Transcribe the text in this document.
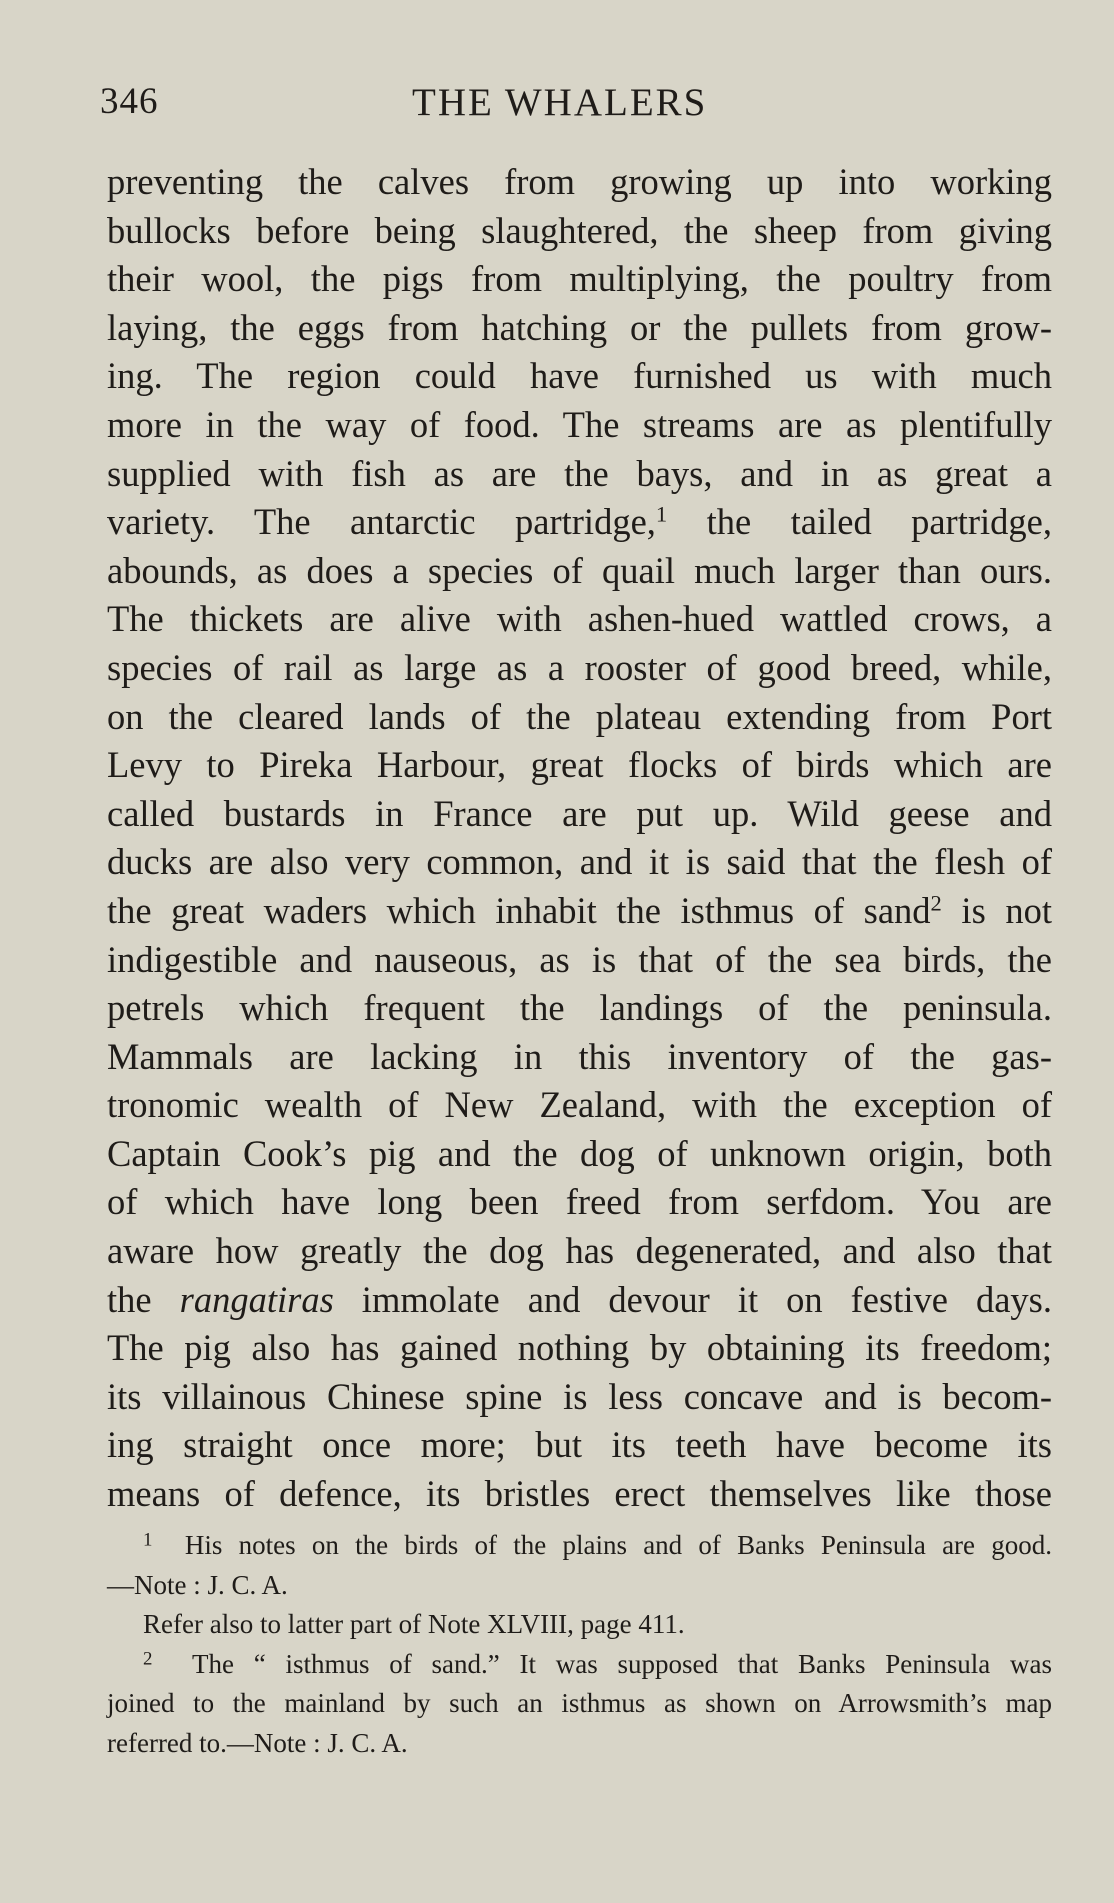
346	THE WHALERS
preventing the calves from growing up into working
bullocks before being slaughtered, the sheep from giving
their wool, the pigs from multiplying, the poultry from
laying, the eggs from hatching or the pullets from grow-
ing. The region could have furnished us with much
more in the way of food. The streams are as plentifully
supplied with fish as are the bays, and in as great a
variety. The antarctic partridge,$^1$ the tailed partridge,
abounds, as does a species of quail much larger than ours.
The thickets are alive with ashen-hued wattled crows, a
species of rail as large as a rooster of good breed, while,
on the cleared lands of the plateau extending from Port
Levy to Pireka Harbour, great flocks of birds which are
called bustards in France are put up. Wild geese and
ducks are also very common, and it is said that the flesh of
the great waders which inhabit the isthmus of sand$^2$ is not
indigestible and nauseous, as is that of the sea birds, the
petrels which frequent the landings of the peninsula.
Mammals are lacking in this inventory of the gas-
tronomic wealth of New Zealand, with the exception of
Captain Cook’s pig and the dog of unknown origin, both
of which have long been freed from serfdom. You are
aware how greatly the dog has degenerated, and also that
the rangatiras immolate and devour it on festive days.
The pig also has gained nothing by obtaining its freedom;
its villainous Chinese spine is less concave and is becom-
ing straight once more; but its teeth have become its
means of defence, its bristles erect themselves like those
$^1$ His notes on the birds of the plains and of Banks Peninsula are good.
—Note : J. C. A.
Refer also to latter part of Note XLVIII, page 411.
$^2$ The “ isthmus of sand.” It was supposed that Banks Peninsula was
joined to the mainland by such an isthmus as shown on Arrowsmith’s map
referred to.—Note : J. C. A.
